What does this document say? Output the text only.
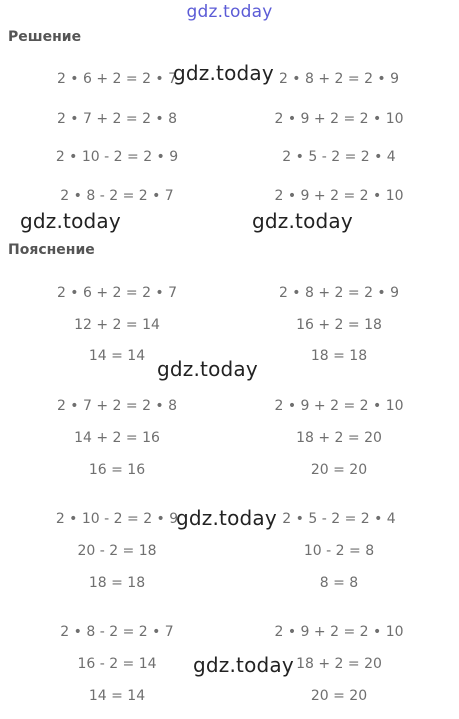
gdz.today
Решение
2 • 6 + 2 = 2 • 7	2 • 8 + 2 = 2 • 9
2 • 7 + 2 = 2 • 8	2 • 9 + 2 = 2 • 10
2 • 10 - 2 = 2 • 9	2 • 5 - 2 = 2 • 4
2 • 8 - 2 = 2 • 7	2 • 9 + 2 = 2 • 10
Пояснение
2 • 6 + 2 = 2 • 7
12 + 2 = 14
14 = 14
2 • 8 + 2 = 2 • 9
16 + 2 = 18
18 = 18
2 • 7 + 2 = 2 • 8
14 + 2 = 16
16 = 16
2 • 9 + 2 = 2 • 10
18 + 2 = 20
20 = 20
2 • 10 - 2 = 2 • 9
20 - 2 = 18
18 = 18
2 • 5 - 2 = 2 • 4
10 - 2 = 8
8 = 8
2 • 8 - 2 = 2 • 7
16 - 2 = 14
14 = 14
2 • 9 + 2 = 2 • 10
18 + 2 = 20
20 = 20
gdz.today
gdz.today	gdz.today
gdz.today
gdz.today
gdz.today
